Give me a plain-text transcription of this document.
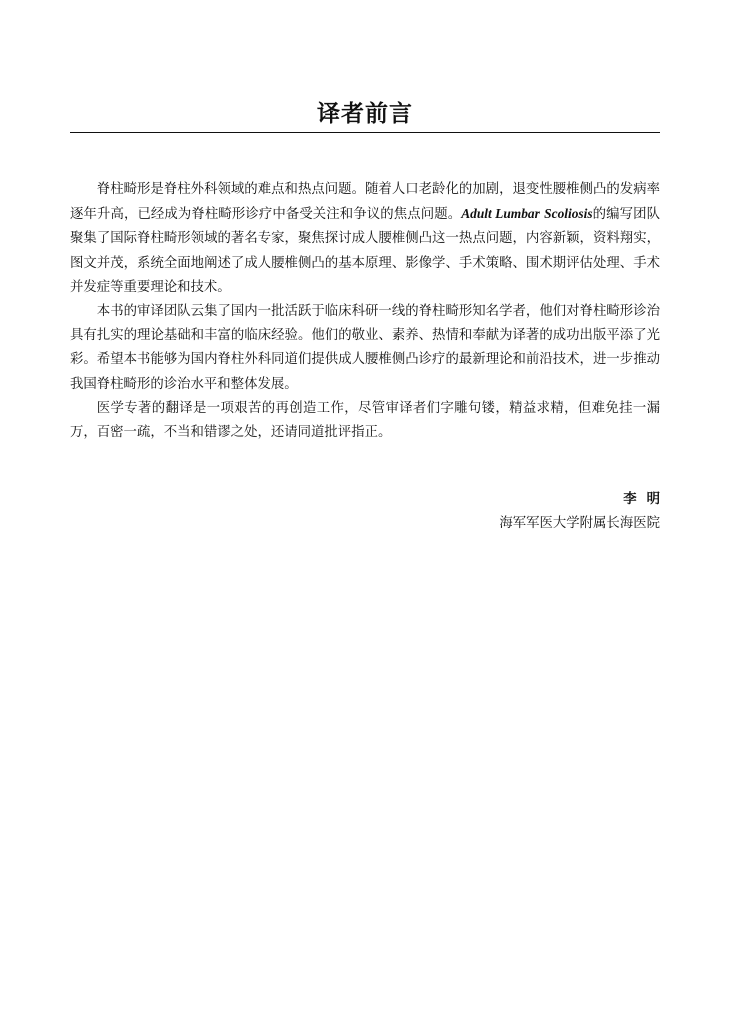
译者前言

脊柱畸形是脊柱外科领域的难点和热点问题。随着人口老龄化的加剧，退变性腰椎侧凸的发病率逐年升高，已经成为脊柱畸形诊疗中备受关注和争议的焦点问题。Adult Lumbar Scoliosis的编写团队聚集了国际脊柱畸形领域的著名专家，聚焦探讨成人腰椎侧凸这一热点问题，内容新颖，资料翔实，图文并茂，系统全面地阐述了成人腰椎侧凸的基本原理、影像学、手术策略、围术期评估处理、手术并发症等重要理论和技术。

本书的审译团队云集了国内一批活跃于临床科研一线的脊柱畸形知名学者，他们对脊柱畸形诊治具有扎实的理论基础和丰富的临床经验。他们的敬业、素养、热情和奉献为译著的成功出版平添了光彩。希望本书能够为国内脊柱外科同道们提供成人腰椎侧凸诊疗的最新理论和前沿技术，进一步推动我国脊柱畸形的诊治水平和整体发展。

医学专著的翻译是一项艰苦的再创造工作，尽管审译者们字雕句镂，精益求精，但难免挂一漏万，百密一疏，不当和错谬之处，还请同道批评指正。

李 明
海军军医大学附属长海医院
